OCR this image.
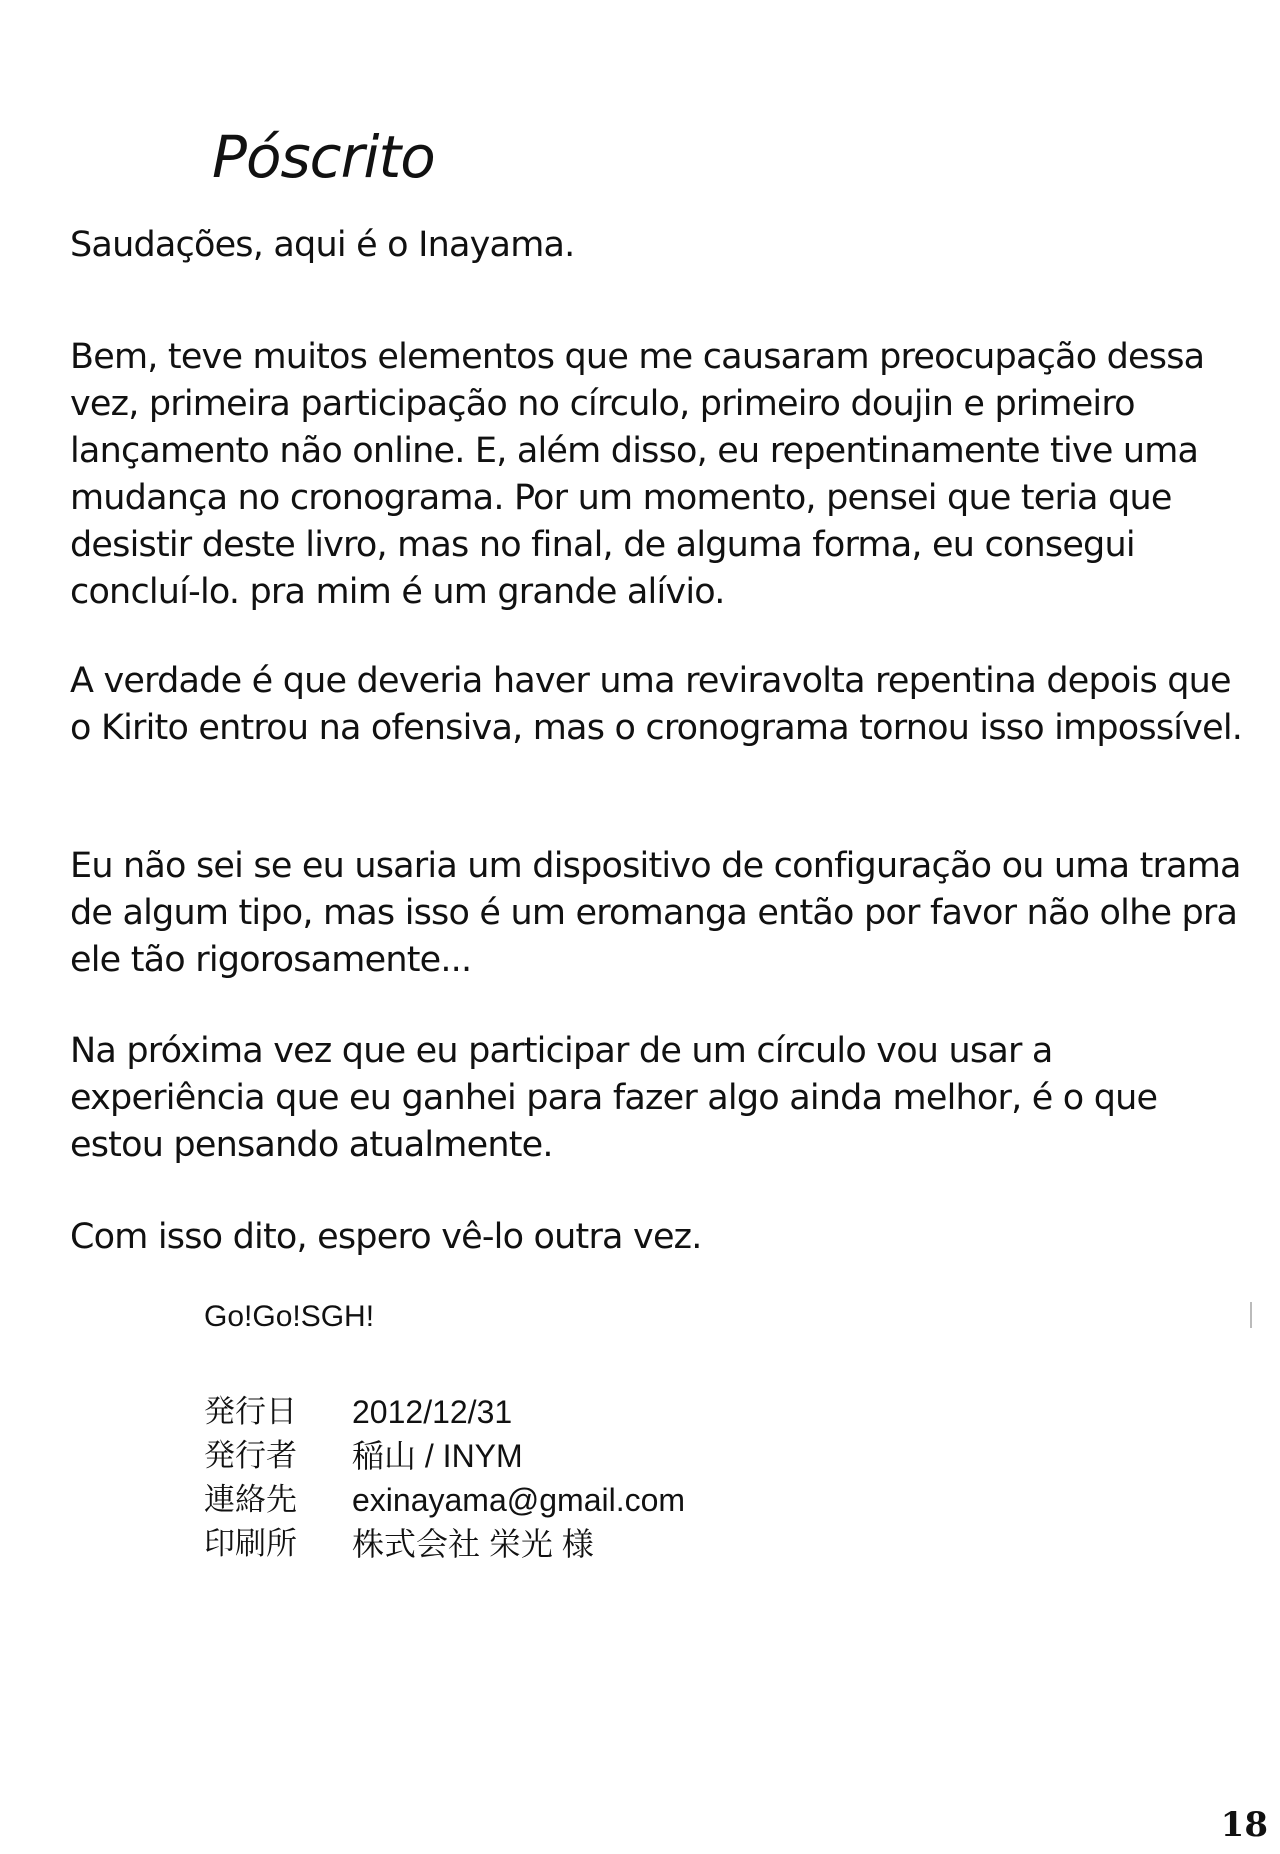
Póscrito

Saudações, aqui é o Inayama.

Bem, teve muitos elementos que me causaram preocupação dessa vez, primeira participação no círculo, primeiro doujin e primeiro lançamento não online. E, além disso, eu repentinamente tive uma mudança no cronograma. Por um momento, pensei que teria que desistir deste livro, mas no final, de alguma forma, eu consegui concluí-lo. pra mim é um grande alívio.

A verdade é que deveria haver uma reviravolta repentina depois que o Kirito entrou na ofensiva, mas o cronograma tornou isso impossível.

Eu não sei se eu usaria um dispositivo de configuração ou uma trama de algum tipo, mas isso é um eromanga então por favor não olhe pra ele tão rigorosamente...

Na próxima vez que eu participar de um círculo vou usar a experiência que eu ganhei para fazer algo ainda melhor, é o que estou pensando atualmente.

Com isso dito, espero vê-lo outra vez.

Go!Go!SGH!

発行日	2012/12/31
発行者	稲山 / INYM
連絡先	exinayama@gmail.com
印刷所	株式会社 栄光 様
18
